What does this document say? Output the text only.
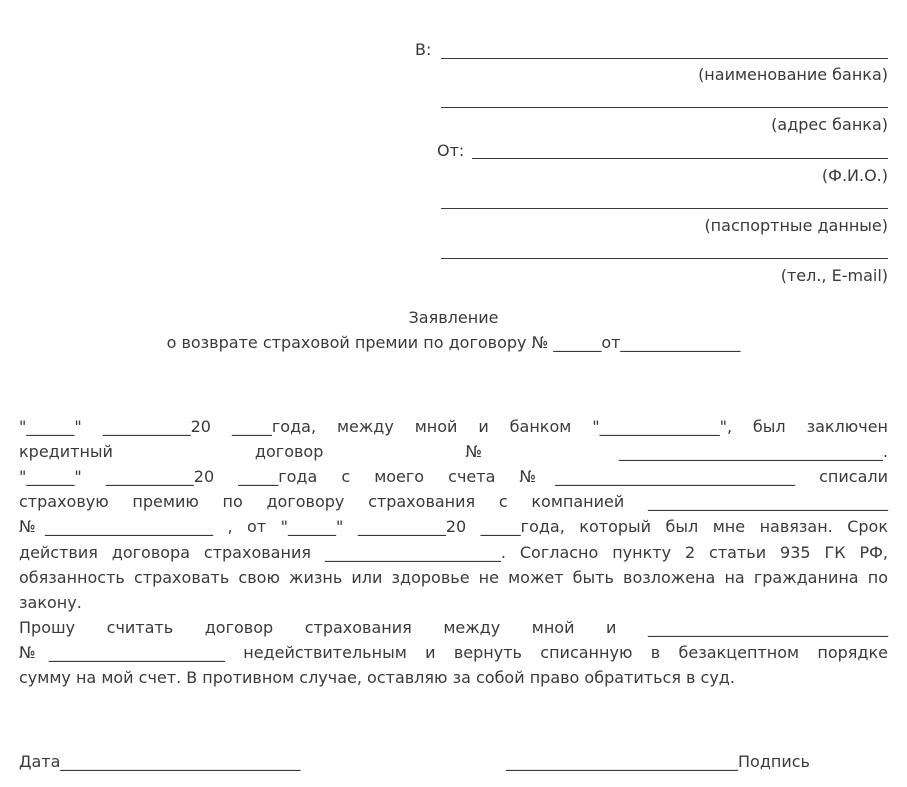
В:
(наименование банка)
(адрес банка)
От:
(Ф.И.О.)
(паспортные данные)
(тел., E-mail)
Заявление
о возврате страховой премии по договору № ______от_______________
"______" ___________20 _____года, между мной и банком "_______________", был заключен
кредитный договор №_________________________________.
"______" ___________20 _____года с моего счета №______________________________ списали
страховую премию по договору страхования с компанией ______________________________
№_____________________ , от "______" ___________20 _____года, который был мне навязан. Срок
действия договора страхования ______________________. Согласно пункту 2 статьи 935 ГК РФ,
обязанность страховать свою жизнь или здоровье не может быть возложена на гражданина по
закону.
Прошу считать договор страхования между мной и ______________________________
№______________________ недействительным и вернуть списанную в безакцептном порядке
сумму на мой счет. В противном случае, оставляю за собой право обратиться в суд.
Дата______________________________	_____________________________Подпись
